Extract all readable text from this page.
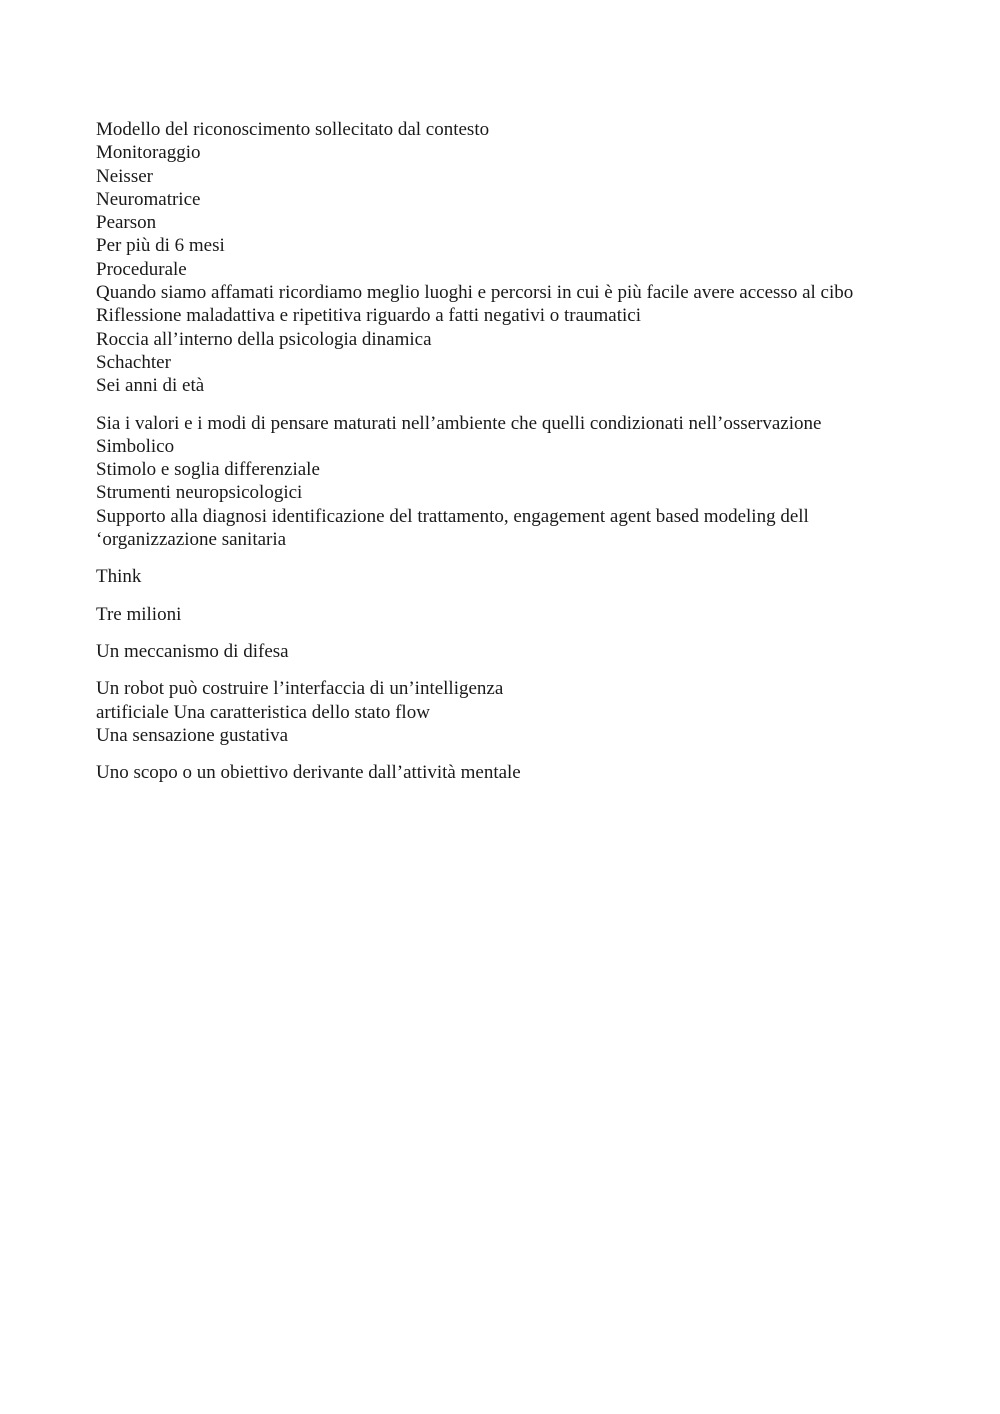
Modello del riconoscimento sollecitato dal contesto
Monitoraggio
Neisser
Neuromatrice
Pearson
Per più di 6 mesi
Procedurale
Quando siamo affamati ricordiamo meglio luoghi e percorsi in cui è più facile avere accesso al cibo
Riflessione maladattiva e ripetitiva riguardo a fatti negativi o traumatici
Roccia all’interno della psicologia dinamica
Schachter
Sei anni di età
Sia i valori e i modi di pensare maturati nell’ambiente che quelli condizionati nell’osservazione
Simbolico
Stimolo e soglia differenziale
Strumenti neuropsicologici
Supporto alla diagnosi identificazione del trattamento, engagement agent based modeling dell
‘organizzazione sanitaria
Think
Tre milioni
Un meccanismo di difesa
Un robot può costruire l’interfaccia di un’intelligenza
artificiale Una caratteristica dello stato flow
Una sensazione gustativa
Uno scopo o un obiettivo derivante dall’attività mentale
